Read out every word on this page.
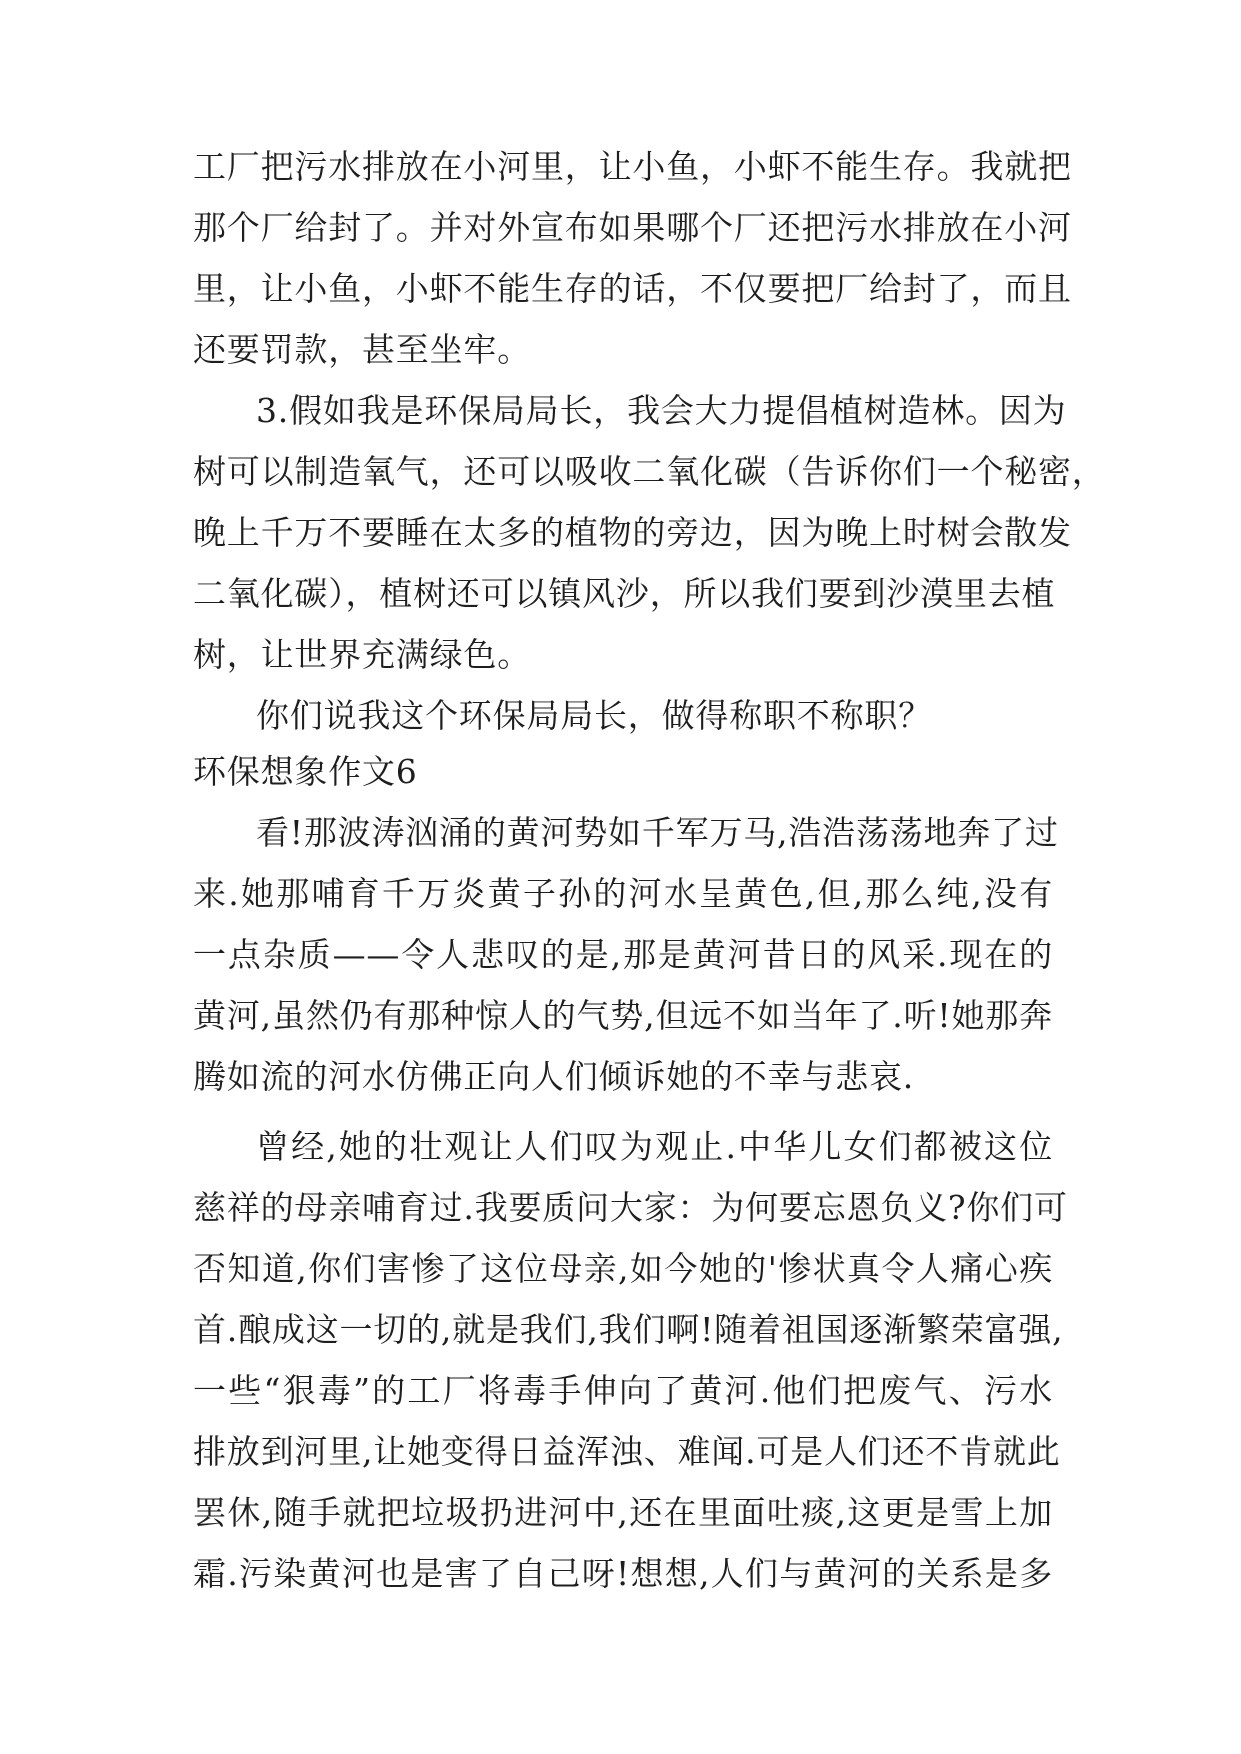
工厂把污水排放在小河里，让小鱼，小虾不能生存。我就把

那个厂给封了。并对外宣布如果哪个厂还把污水排放在小河

里，让小鱼，小虾不能生存的话，不仅要把厂给封了，而且

还要罚款，甚至坐牢。

3.假如我是环保局局长，我会大力提倡植树造林。因为

树可以制造氧气，还可以吸收二氧化碳（告诉你们一个秘密，

晚上千万不要睡在太多的植物的旁边，因为晚上时树会散发

二氧化碳），植树还可以镇风沙，所以我们要到沙漠里去植

树，让世界充满绿色。

你们说我这个环保局局长，做得称职不称职？

环保想象作文6

看!那波涛汹涌的黄河势如千军万马,浩浩荡荡地奔了过

来.她那哺育千万炎黄子孙的河水呈黄色,但,那么纯,没有

一点杂质——令人悲叹的是,那是黄河昔日的风采.现在的

黄河,虽然仍有那种惊人的气势,但远不如当年了.听!她那奔

腾如流的河水仿佛正向人们倾诉她的不幸与悲哀.

曾经,她的壮观让人们叹为观止.中华儿女们都被这位

慈祥的母亲哺育过.我要质问大家：为何要忘恩负义?你们可

否知道,你们害惨了这位母亲,如今她的'惨状真令人痛心疾

首.酿成这一切的,就是我们,我们啊!随着祖国逐渐繁荣富强,

一些“狠毒”的工厂将毒手伸向了黄河.他们把废气、污水

排放到河里,让她变得日益浑浊、难闻.可是人们还不肯就此

罢休,随手就把垃圾扔进河中,还在里面吐痰,这更是雪上加

霜.污染黄河也是害了自己呀!想想,人们与黄河的关系是多
